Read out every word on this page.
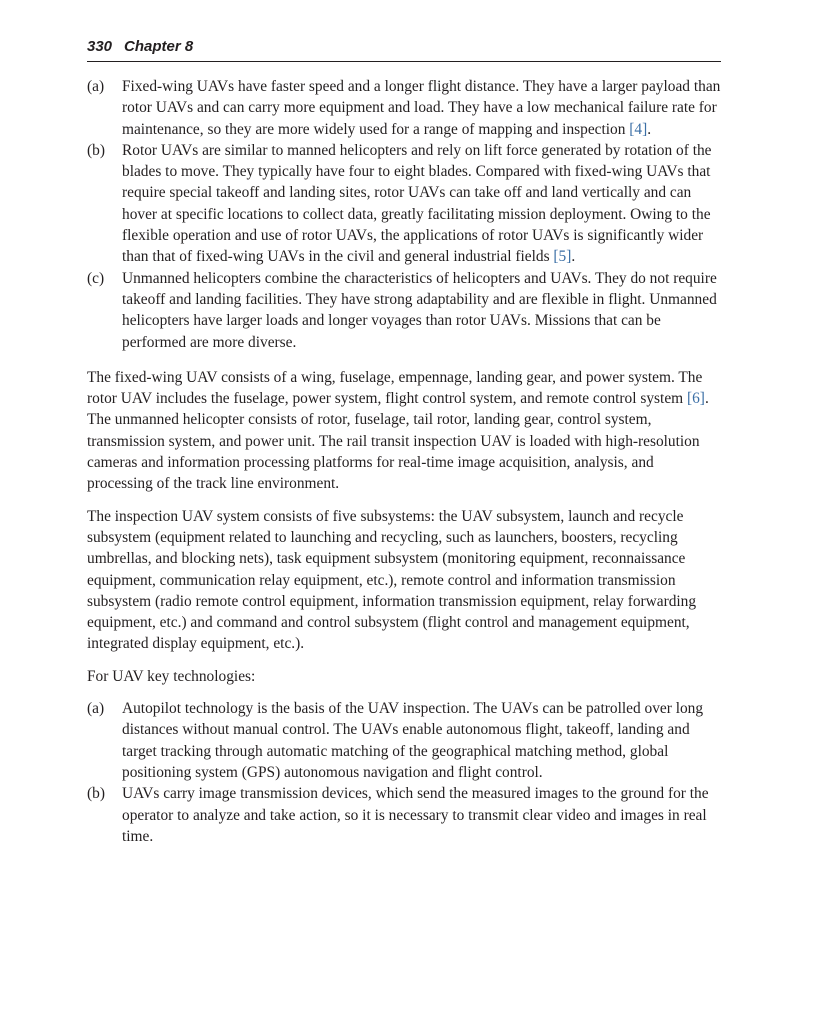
330 Chapter 8
(a) Fixed-wing UAVs have faster speed and a longer flight distance. They have a larger payload than rotor UAVs and can carry more equipment and load. They have a low mechanical failure rate for maintenance, so they are more widely used for a range of mapping and inspection [4].
(b) Rotor UAVs are similar to manned helicopters and rely on lift force generated by rotation of the blades to move. They typically have four to eight blades. Compared with fixed-wing UAVs that require special takeoff and landing sites, rotor UAVs can take off and land vertically and can hover at specific locations to collect data, greatly facilitating mission deployment. Owing to the flexible operation and use of rotor UAVs, the applications of rotor UAVs is significantly wider than that of fixed-wing UAVs in the civil and general industrial fields [5].
(c) Unmanned helicopters combine the characteristics of helicopters and UAVs. They do not require takeoff and landing facilities. They have strong adaptability and are flexible in flight. Unmanned helicopters have larger loads and longer voyages than rotor UAVs. Missions that can be performed are more diverse.

The fixed-wing UAV consists of a wing, fuselage, empennage, landing gear, and power system. The rotor UAV includes the fuselage, power system, flight control system, and remote control system [6]. The unmanned helicopter consists of rotor, fuselage, tail rotor, landing gear, control system, transmission system, and power unit. The rail transit inspection UAV is loaded with high-resolution cameras and information processing platforms for real-time image acquisition, analysis, and processing of the track line environment.

The inspection UAV system consists of five subsystems: the UAV subsystem, launch and recycle subsystem (equipment related to launching and recycling, such as launchers, boosters, recycling umbrellas, and blocking nets), task equipment subsystem (monitoring equipment, reconnaissance equipment, communication relay equipment, etc.), remote control and information transmission subsystem (radio remote control equipment, information transmission equipment, relay forwarding equipment, etc.) and command and control subsystem (flight control and management equipment, integrated display equipment, etc.).

For UAV key technologies:

(a) Autopilot technology is the basis of the UAV inspection. The UAVs can be patrolled over long distances without manual control. The UAVs enable autonomous flight, takeoff, landing and target tracking through automatic matching of the geographical matching method, global positioning system (GPS) autonomous navigation and flight control.
(b) UAVs carry image transmission devices, which send the measured images to the ground for the operator to analyze and take action, so it is necessary to transmit clear video and images in real time.
